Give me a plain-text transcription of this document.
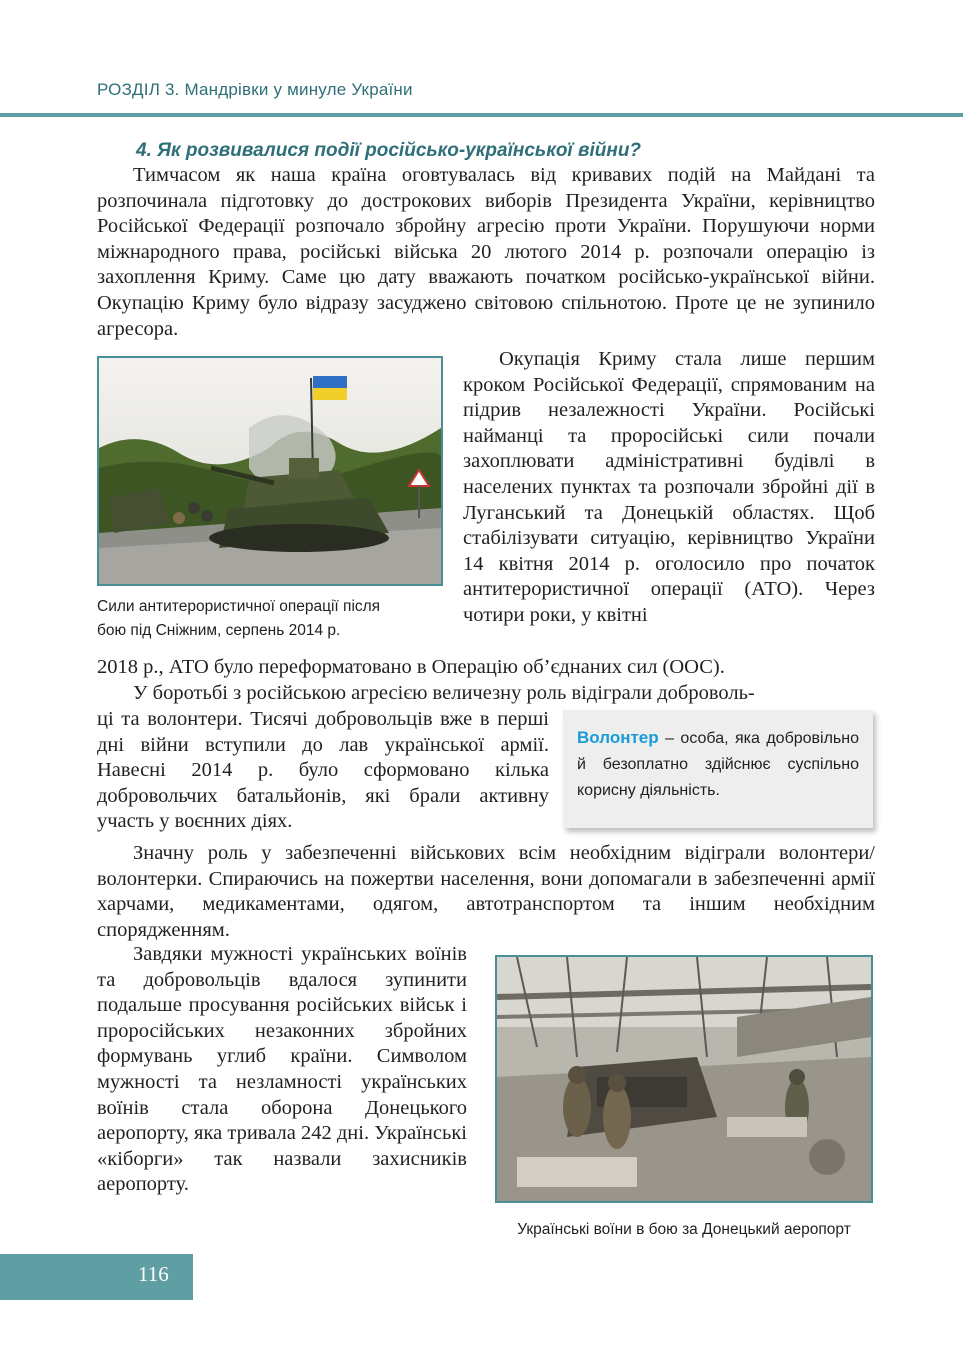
РОЗДІЛ 3. Мандрівки у минуле України
4. Як розвивалися події російсько-української війни?

Тимчасом як наша країна оговтувалась від кривавих подій на Майдані та розпочинала підготовку до дострокових виборів Президента України, керівництво Російської Федерації розпочало збройну агресію проти України. Порушуючи норми міжнародного права, російські війська 20 лютого 2014 р. розпочали операцію із захоплення Криму. Саме цю дату вважають початком російсько-української війни. Окупацію Криму було відразу засуджено світовою спільнотою. Проте це не зупинило агресора.

Сили антитерористичної операції після
бою під Сніжним, серпень 2014 р.

Окупація Криму стала лише першим кроком Російської Федерації, спрямованим на підрив незалежності України. Російські найманці та проросійські сили почали захоплювати адміністративні будівлі в населених пунктах та розпочали збройні дії в Луганський та Донецькій областях. Щоб стабілізувати ситуацію, керівництво України 14 квітня 2014 р. оголосило про початок антитерористичної операції (АТО). Через чотири роки, у квітні

2018 р., АТО було переформатовано в Операцію об’єднаних сил (ООС).

У боротьбі з російською агресією величезну роль відіграли доброволь-

ці та волонтери. Тисячі добровольців вже в перші дні війни вступили до лав української армії. Навесні 2014 р. було сформовано кілька добровольчих батальйонів, які брали активну участь у воєнних діях.

Волонтер – особа, яка добровільно й безоплатно здійснює суспільно корисну діяльність.

Значну роль у забезпеченні військових всім необхідним відіграли волонтери/волонтерки. Спираючись на пожертви населення, вони допомагали в забезпеченні армії харчами, медикаментами, одягом, автотранспортом та іншим необхідним спорядженням.

Завдяки мужності українських воїнів та добровольців вдалося зупинити подальше просування російських військ і проросійських незаконних збройних формувань углиб країни. Символом мужності та незламності українських воїнів стала оборона Донецького аеропорту, яка тривала 242 дні. Українські «кіборги» так назвали захисників аеропорту.

Українські воїни в бою за Донецький аеропорт
116
